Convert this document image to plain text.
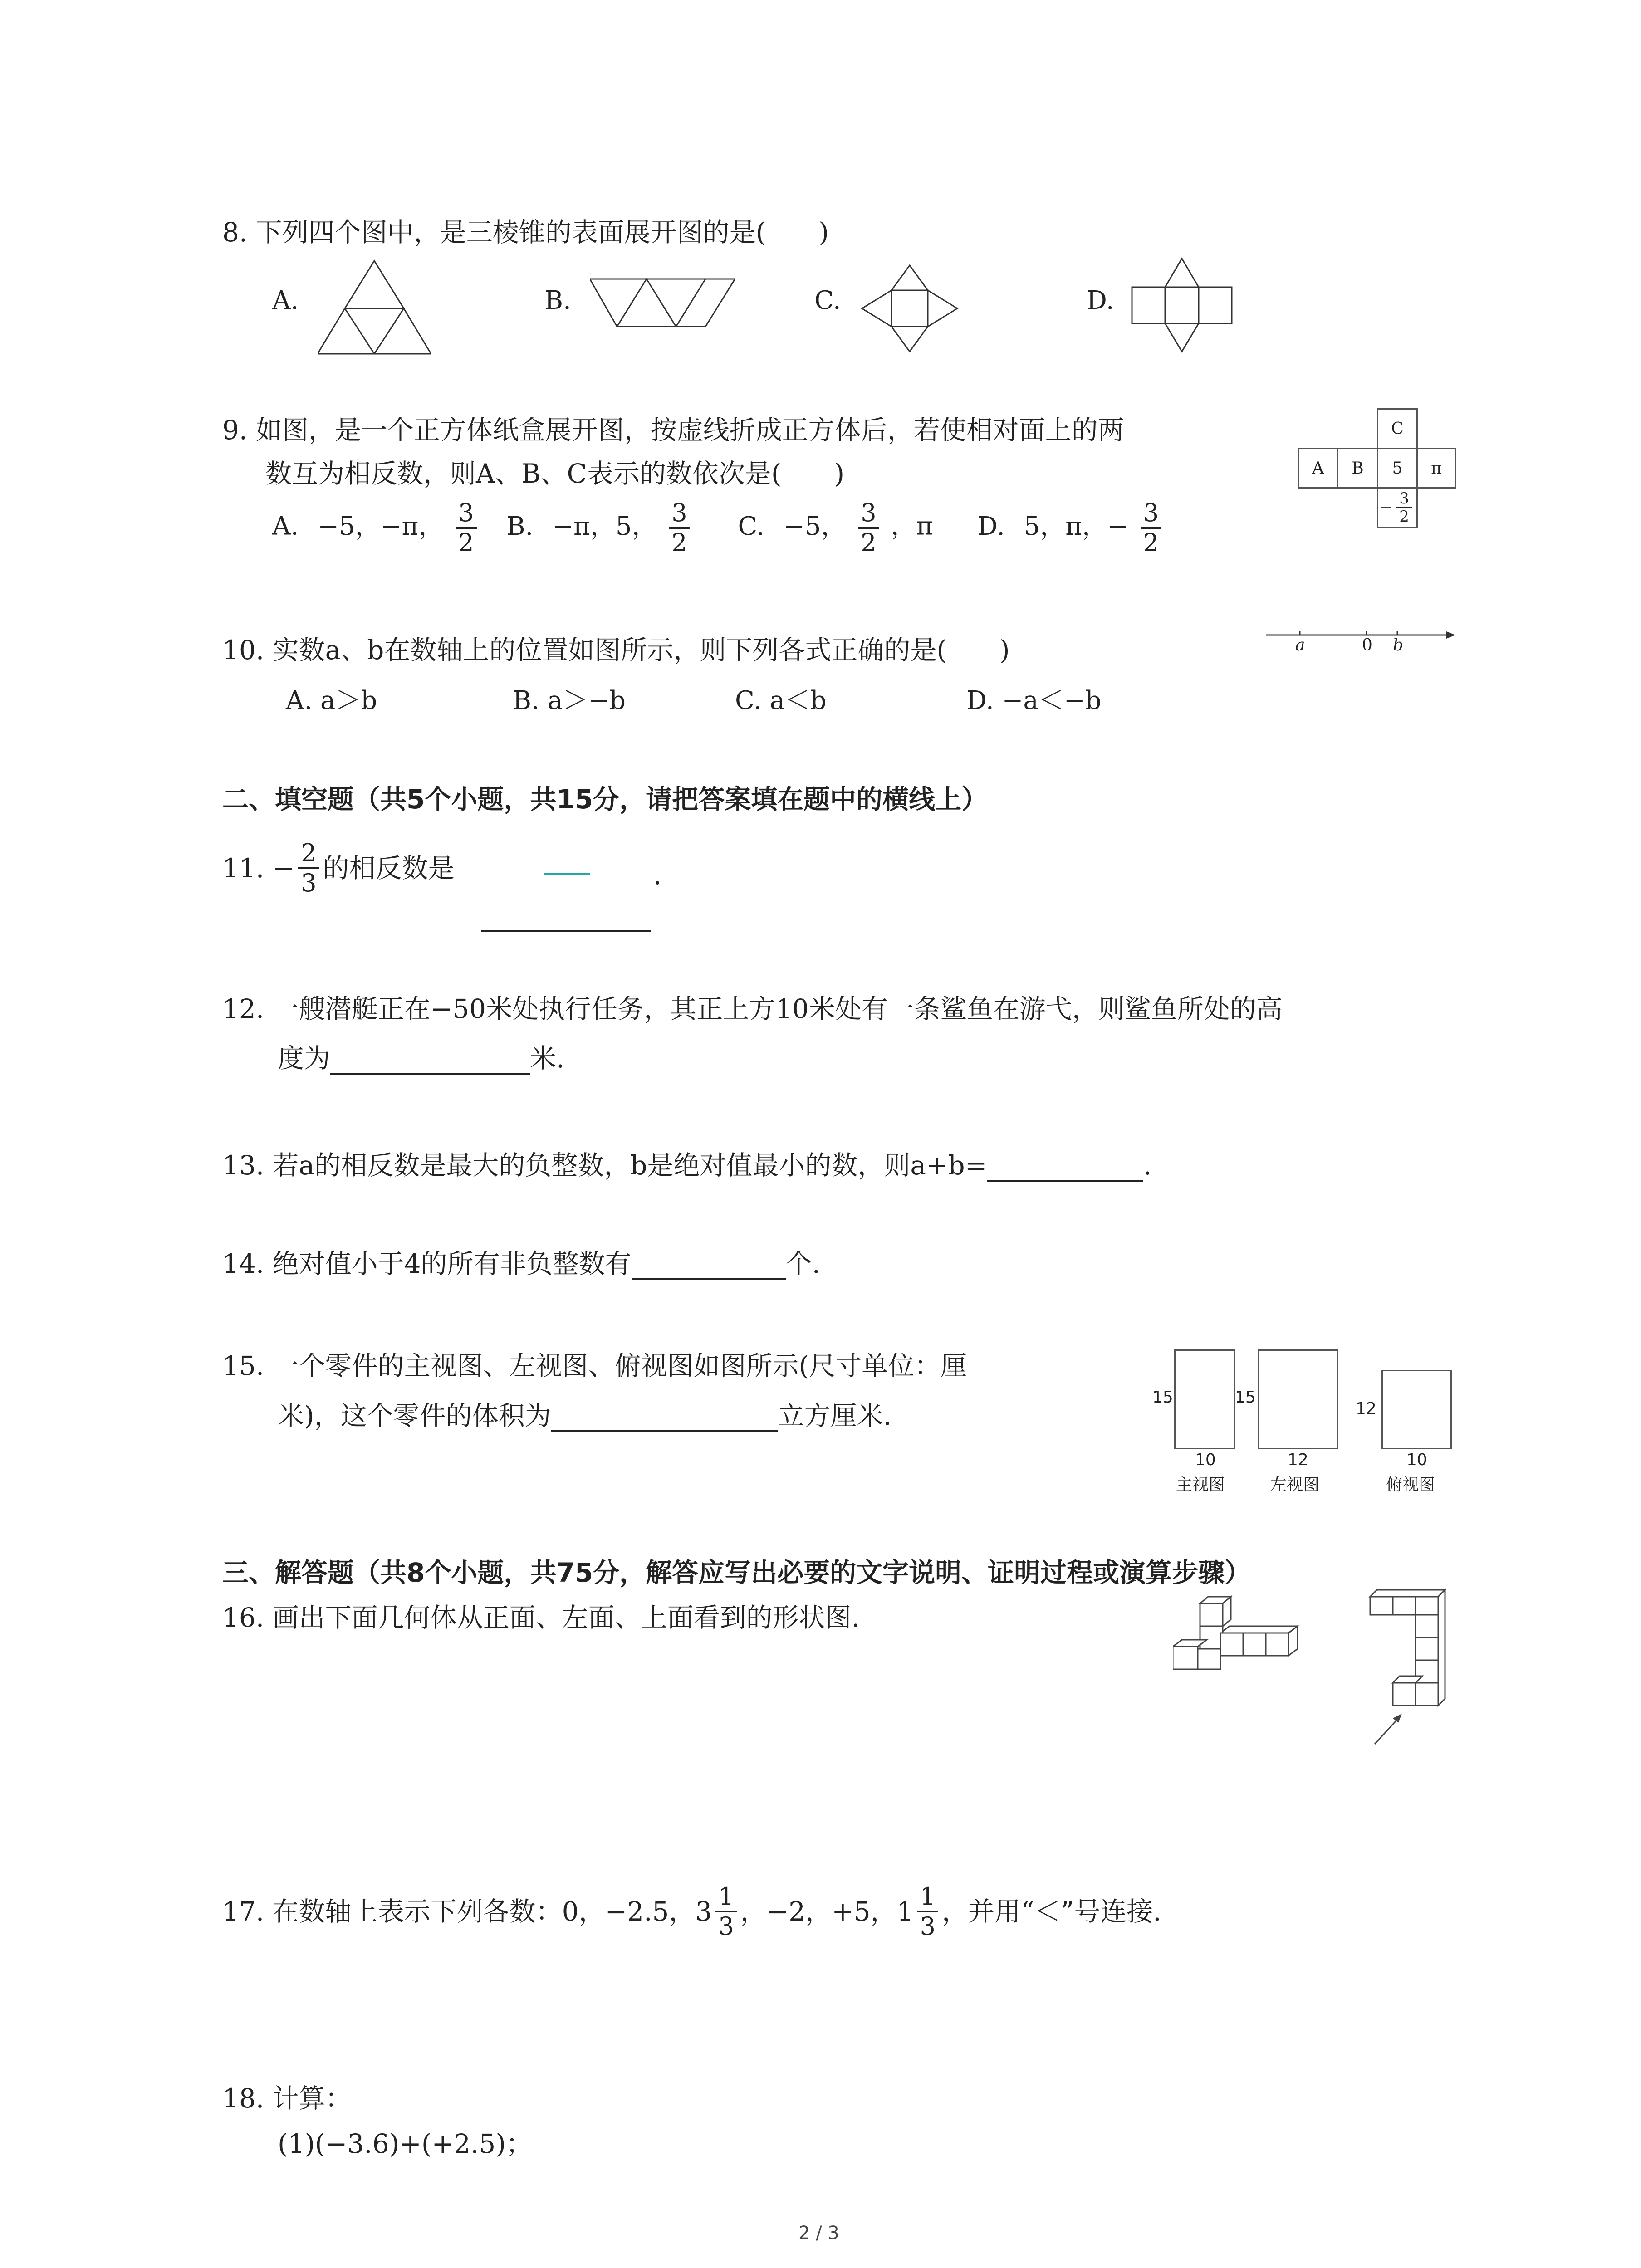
8. 下列四个图中，是三棱锥的表面展开图的是(　　)
A.	B.	C.	D.
9. 如图，是一个正方体纸盒展开图，按虚线折成正方体后，若使相对面上的两
数互为相反数，则A、B、C表示的数依次是(　　)
A. −5，−π， $\frac{3}{2} B$. −π，5， $\frac{3}{2} C$. −5， $\frac{3}{2}$ ，π D. 5，π，− $\frac{3}{2}$
C
A	B	5	π
− $\frac{3}{2}$
10. 实数a、b在数轴上的位置如图所示，则下列各式正确的是(　　)
A. a＞b	B. a＞−b	C. a＜b	D. −a＜−b
a	0 b
二、填空题（共5个小题，共15分，请把答案填在题中的横线上）
11. − $\frac{2}{3}$ 的相反数是	.
12. 一艘潜艇正在−50米处执行任务，其正上方10米处有一条鲨鱼在游弋，则鲨鱼所处的高
度为	米.
13. 若a的相反数是最大的负整数，b是绝对值最小的数，则a+b=	.
14. 绝对值小于4的所有非负整数有	个.
15. 一个零件的主视图、左视图、俯视图如图所示(尺寸单位：厘
米)，这个零件的体积为	立方厘米.
15
10
主视图
15
12
左视图
12
10
俯视图
三、解答题（共8个小题，共75分，解答应写出必要的文字说明、证明过程或演算步骤）
16. 画出下面几何体从正面、左面、上面看到的形状图.
17. 在数轴上表示下列各数：0，−2.5，$3 \frac{1}{3}$ ，−2，+5，$1 \frac{1}{3}$ ，并用“＜”号连接.
18. 计算：
(1)(−3.6)+(+2.5)；
2 / 3
